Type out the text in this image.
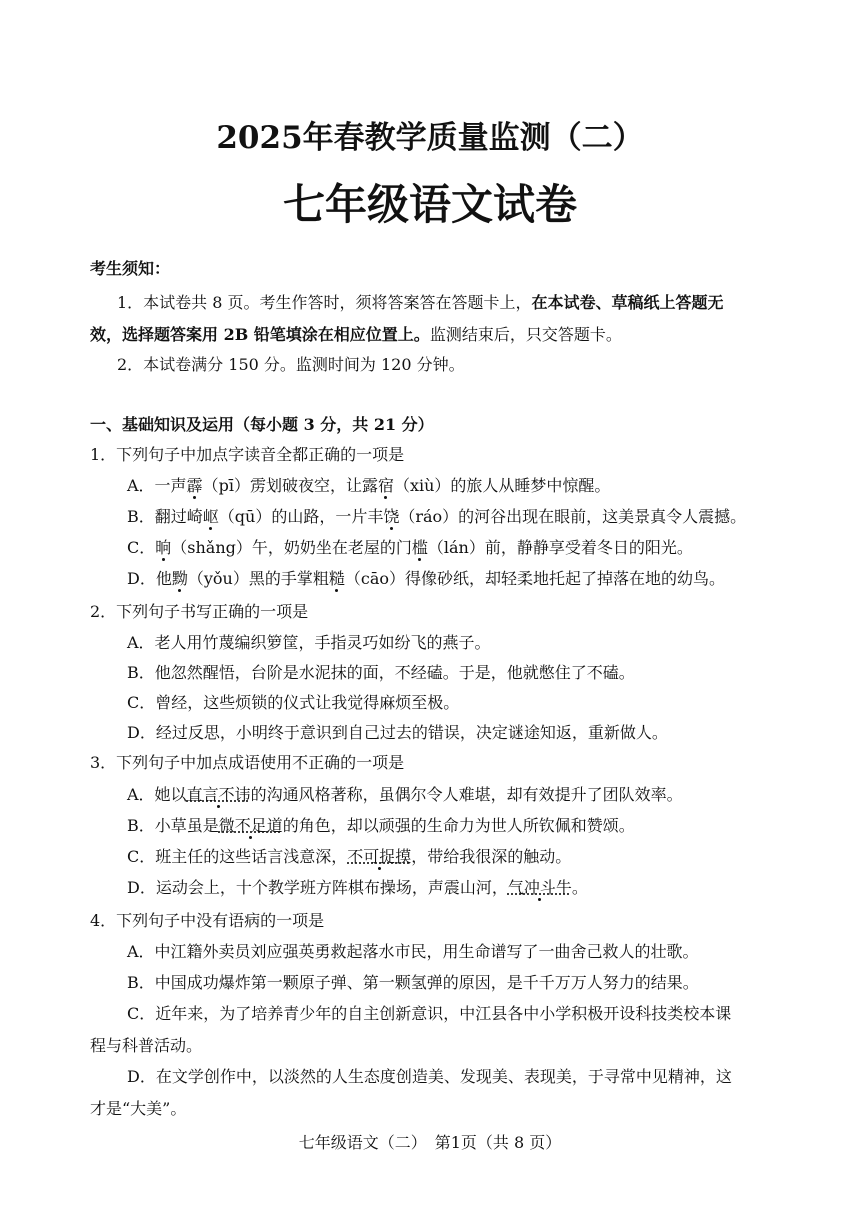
2025年春教学质量监测（二）
七年级语文试卷
考生须知：
1．本试卷共 8 页。考生作答时，须将答案答在答题卡上，在本试卷、草稿纸上答题无
效，选择题答案用 2B 铅笔填涂在相应位置上。监测结束后，只交答题卡。
2．本试卷满分 150 分。监测时间为 120 分钟。
一、基础知识及运用（每小题 3 分，共 21 分）
1．下列句子中加点字读音全都正确的一项是
A．一声霹（pī）雳划破夜空，让露宿（xiù）的旅人从睡梦中惊醒。
B．翻过崎岖（qū）的山路，一片丰饶（ráo）的河谷出现在眼前，这美景真令人震撼。
C．晌（shǎng）午，奶奶坐在老屋的门槛（lán）前，静静享受着冬日的阳光。
D．他黝（yǒu）黑的手掌粗糙（cāo）得像砂纸，却轻柔地托起了掉落在地的幼鸟。
2．下列句子书写正确的一项是
A．老人用竹蔑编织箩筐，手指灵巧如纷飞的燕子。
B．他忽然醒悟，台阶是水泥抹的面，不经磕。于是，他就憋住了不磕。
C．曾经，这些烦锁的仪式让我觉得麻烦至极。
D．经过反思，小明终于意识到自己过去的错误，决定谜途知返，重新做人。
3．下列句子中加点成语使用不正确的一项是
A．她以直言不讳的沟通风格著称，虽偶尔令人难堪，却有效提升了团队效率。
B．小草虽是微不足道的角色，却以顽强的生命力为世人所钦佩和赞颂。
C．班主任的这些话言浅意深，不可捉摸，带给我很深的触动。
D．运动会上，十个教学班方阵棋布操场，声震山河，气冲斗牛。
4．下列句子中没有语病的一项是
A．中江籍外卖员刘应强英勇救起落水市民，用生命谱写了一曲舍己救人的壮歌。
B．中国成功爆炸第一颗原子弹、第一颗氢弹的原因，是千千万万人努力的结果。
C．近年来，为了培养青少年的自主创新意识，中江县各中小学积极开设科技类校本课
程与科普活动。
D．在文学创作中，以淡然的人生态度创造美、发现美、表现美，于寻常中见精神，这
才是“大美”。
七年级语文（二）　第1页（共 8 页）
